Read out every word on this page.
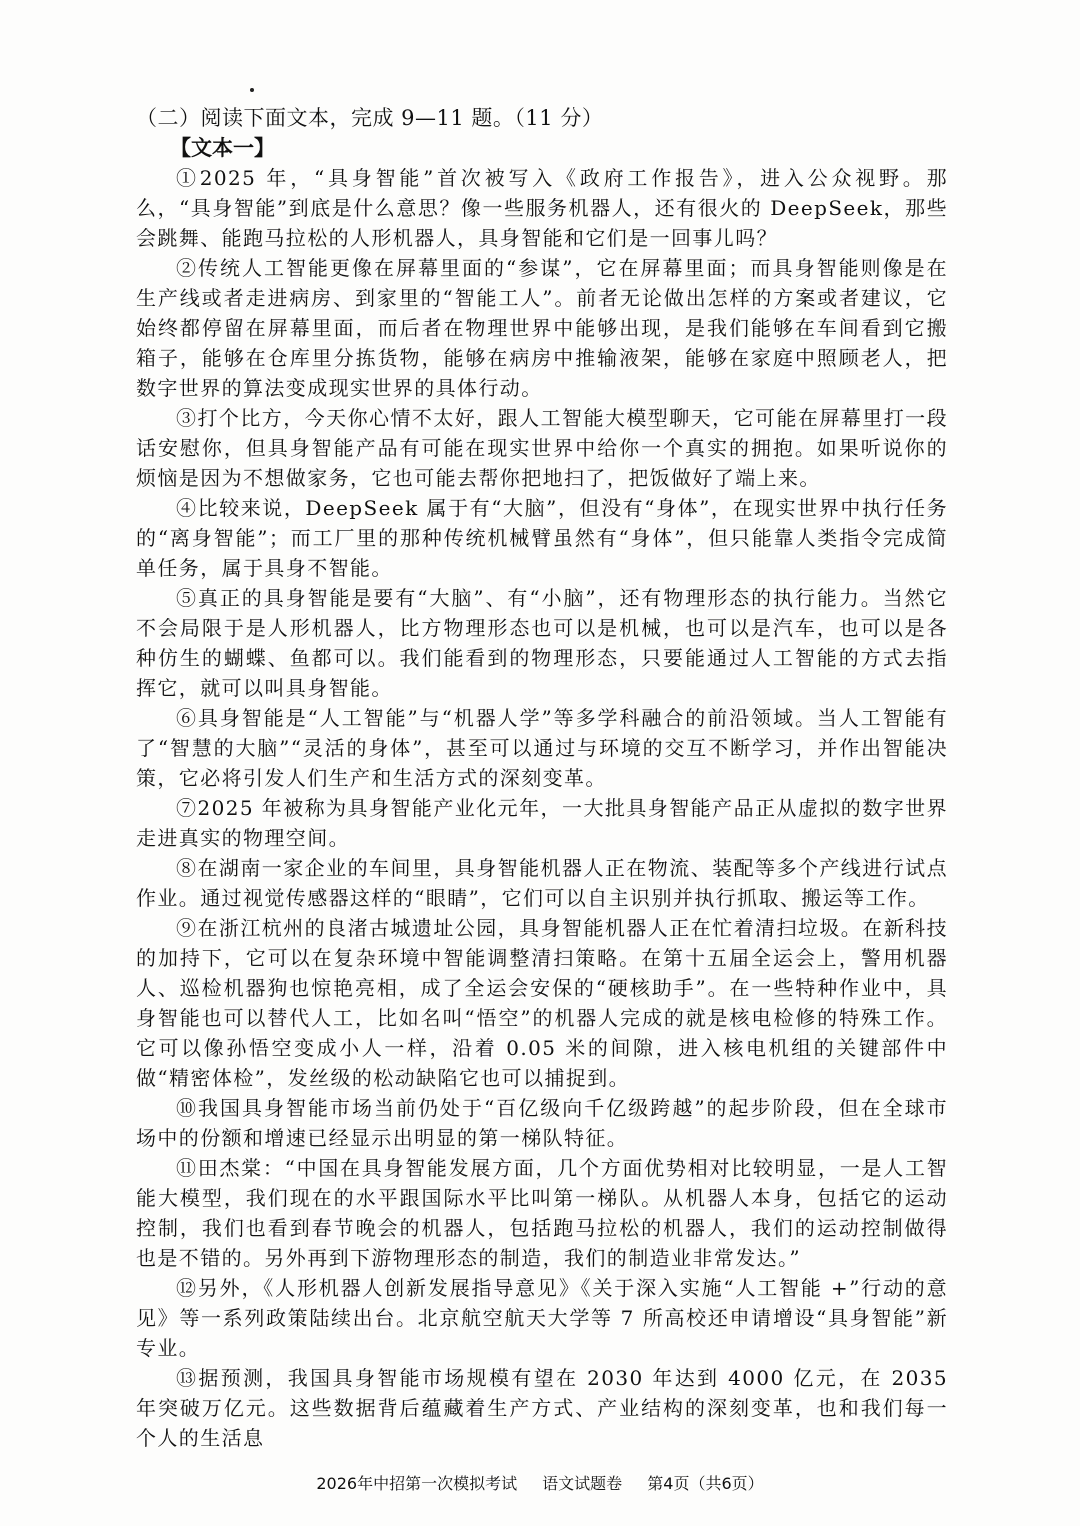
（二）阅读下面文本，完成 9—11 题。（11 分）
【文本一】

①2025 年，“具身智能”首次被写入《政府工作报告》，进入公众视野。那么，“具身智能”到底是什么意思？像一些服务机器人，还有很火的 DeepSeek，那些会跳舞、能跑马拉松的人形机器人，具身智能和它们是一回事儿吗？

②传统人工智能更像在屏幕里面的“参谋”，它在屏幕里面；而具身智能则像是在生产线或者走进病房、到家里的“智能工人”。前者无论做出怎样的方案或者建议，它始终都停留在屏幕里面，而后者在物理世界中能够出现，是我们能够在车间看到它搬箱子，能够在仓库里分拣货物，能够在病房中推输液架，能够在家庭中照顾老人，把数字世界的算法变成现实世界的具体行动。

③打个比方，今天你心情不太好，跟人工智能大模型聊天，它可能在屏幕里打一段话安慰你，但具身智能产品有可能在现实世界中给你一个真实的拥抱。如果听说你的烦恼是因为不想做家务，它也可能去帮你把地扫了，把饭做好了端上来。

④比较来说，DeepSeek 属于有“大脑”，但没有“身体”，在现实世界中执行任务的“离身智能”；而工厂里的那种传统机械臂虽然有“身体”，但只能靠人类指令完成简单任务，属于具身不智能。

⑤真正的具身智能是要有“大脑”、有“小脑”，还有物理形态的执行能力。当然它不会局限于是人形机器人，比方物理形态也可以是机械，也可以是汽车，也可以是各种仿生的蝴蝶、鱼都可以。我们能看到的物理形态，只要能通过人工智能的方式去指挥它，就可以叫具身智能。

⑥具身智能是“人工智能”与“机器人学”等多学科融合的前沿领域。当人工智能有了“智慧的大脑”“灵活的身体”，甚至可以通过与环境的交互不断学习，并作出智能决策，它必将引发人们生产和生活方式的深刻变革。

⑦2025 年被称为具身智能产业化元年，一大批具身智能产品正从虚拟的数字世界走进真实的物理空间。

⑧在湖南一家企业的车间里，具身智能机器人正在物流、装配等多个产线进行试点作业。通过视觉传感器这样的“眼睛”，它们可以自主识别并执行抓取、搬运等工作。

⑨在浙江杭州的良渚古城遗址公园，具身智能机器人正在忙着清扫垃圾。在新科技的加持下，它可以在复杂环境中智能调整清扫策略。在第十五届全运会上，警用机器人、巡检机器狗也惊艳亮相，成了全运会安保的“硬核助手”。在一些特种作业中，具身智能也可以替代人工，比如名叫“悟空”的机器人完成的就是核电检修的特殊工作。它可以像孙悟空变成小人一样，沿着 0.05 米的间隙，进入核电机组的关键部件中做“精密体检”，发丝级的松动缺陷它也可以捕捉到。

⑩我国具身智能市场当前仍处于“百亿级向千亿级跨越”的起步阶段，但在全球市场中的份额和增速已经显示出明显的第一梯队特征。

⑪田杰棠：“中国在具身智能发展方面，几个方面优势相对比较明显，一是人工智能大模型，我们现在的水平跟国际水平比叫第一梯队。从机器人本身，包括它的运动控制，我们也看到春节晚会的机器人，包括跑马拉松的机器人，我们的运动控制做得也是不错的。另外再到下游物理形态的制造，我们的制造业非常发达。”

⑫另外，《人形机器人创新发展指导意见》《关于深入实施“人工智能 +”行动的意见》等一系列政策陆续出台。北京航空航天大学等 7 所高校还申请增设“具身智能”新专业。

⑬据预测，我国具身智能市场规模有望在 2030 年达到 4000 亿元，在 2035 年突破万亿元。这些数据背后蕴藏着生产方式、产业结构的深刻变革，也和我们每一个人的生活息

2026年中招第一次模拟考试 语文试题卷 第4页（共6页）
